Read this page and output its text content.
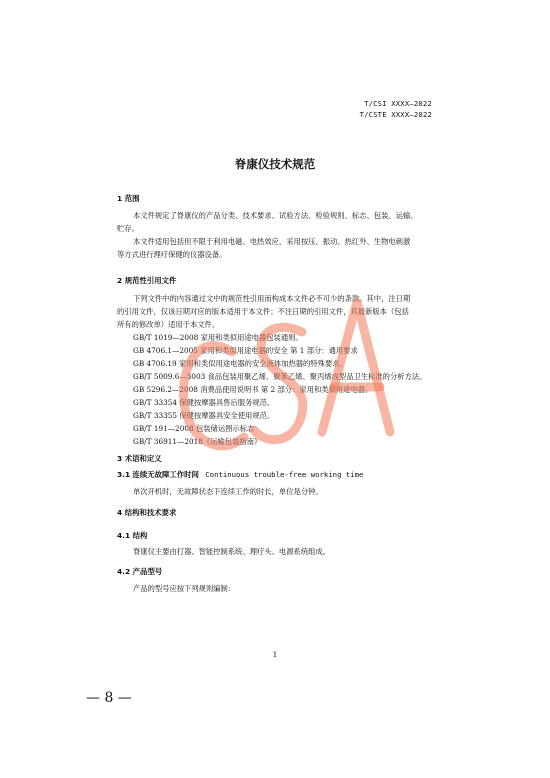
T/CSI XXXX—2022
T/CSTE XXXX—2022
脊康仪技术规范
1 范围
本文件规定了脊康仪的产品分类、技术要求、试验方法、检验规则、标志、包装、运输、
贮存。
本文件适用包括但不限于利用电磁、电热效应，采用按压、振动、热红外、生物电刺激
等方式进行理疗保健的仪器设备。
2 规范性引用文件
下列文件中的内容通过文中的规范性引用而构成本文件必不可少的条款。其中，注日期
的引用文件，仅该日期对应的版本适用于本文件；不注日期的引用文件，其最新版本（包括
所有的修改单）适用于本文件。
GB/T 1019—2008 家用和类似用途电器包装通则。
GB 4706.1—2005 家用和类似用途电器的安全 第 1 部分：通用要求
GB 4706.19 家用和类似用途电器的安全液体加热器的特殊要求。
GB/T 5009.6—3003 食品包装用聚乙烯、聚苯乙烯、聚丙烯成型品卫生标准的分析方法。
GB 5296.2—2008 消费品使用说明书 第 2 部分：家用和类似用途电器。
GB/T 33354 保健按摩器具售后服务规范。
GB/T 33355 保健按摩器具安全使用规范。
GB/T 191—2008 包装储运图示标志
GB/T 36911—2018《运输包装指南》
3 术语和定义
3.1 连续无故障工作时间 Continuous trouble-free working time
单次开机时，无故障状态下连续工作的时长，单位是分钟。
4 结构和技术要求
4.1 结构
脊康仪主要由打器、智能控制系统、理疗头、电源系统组成。
4.2 产品型号
产品的型号应按下列规则编制：
1
— 8 —
